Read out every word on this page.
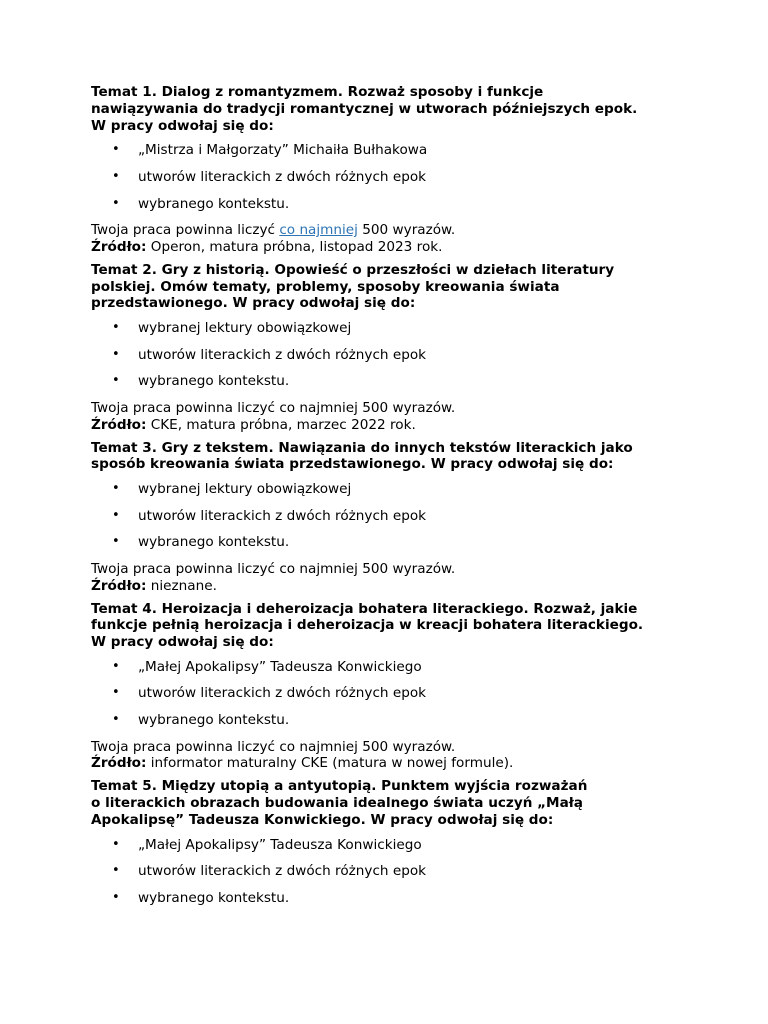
Temat 1. Dialog z romantyzmem. Rozważ sposoby i funkcje
nawiązywania do tradycji romantycznej w utworach późniejszych epok.
W pracy odwołaj się do:
• „Mistrza i Małgorzaty” Michaiła Bułhakowa
• utworów literackich z dwóch różnych epok
• wybranego kontekstu.

Twoja praca powinna liczyć co najmniej 500 wyrazów.

Źródło: Operon, matura próbna, listopad 2023 rok.

Temat 2. Gry z historią. Opowieść o przeszłości w dziełach literatury
polskiej. Omów tematy, problemy, sposoby kreowania świata
przedstawionego. W pracy odwołaj się do:
• wybranej lektury obowiązkowej
• utworów literackich z dwóch różnych epok
• wybranego kontekstu.

Twoja praca powinna liczyć co najmniej 500 wyrazów.

Źródło: CKE, matura próbna, marzec 2022 rok.

Temat 3. Gry z tekstem. Nawiązania do innych tekstów literackich jako
sposób kreowania świata przedstawionego. W pracy odwołaj się do:
• wybranej lektury obowiązkowej
• utworów literackich z dwóch różnych epok
• wybranego kontekstu.

Twoja praca powinna liczyć co najmniej 500 wyrazów.

Źródło: nieznane.

Temat 4. Heroizacja i deheroizacja bohatera literackiego. Rozważ, jakie
funkcje pełnią heroizacja i deheroizacja w kreacji bohatera literackiego.
W pracy odwołaj się do:
• „Małej Apokalipsy” Tadeusza Konwickiego
• utworów literackich z dwóch różnych epok
• wybranego kontekstu.

Twoja praca powinna liczyć co najmniej 500 wyrazów.

Źródło: informator maturalny CKE (matura w nowej formule).

Temat 5. Między utopią a antyutopią. Punktem wyjścia rozważań
o literackich obrazach budowania idealnego świata uczyń „Małą
Apokalipsę” Tadeusza Konwickiego. W pracy odwołaj się do:
• „Małej Apokalipsy” Tadeusza Konwickiego
• utworów literackich z dwóch różnych epok
• wybranego kontekstu.
